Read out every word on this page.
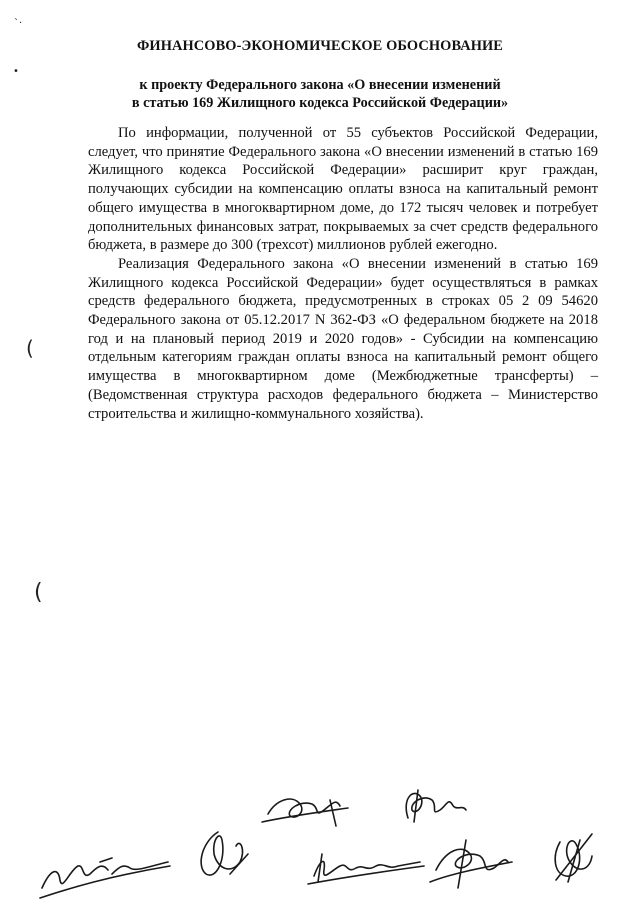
`·
•
(
(
ФИНАНСОВО-ЭКОНОМИЧЕСКОЕ ОБОСНОВАНИЕ
к проекту Федерального закона «О внесении изменений
в статью 169 Жилищного кодекса Российской Федерации»

По информации, полученной от 55 субъектов Российской Федерации, следует, что принятие Федерального закона «О внесении изменений в статью 169 Жилищного кодекса Российской Федерации» расширит круг граждан, получающих субсидии на компенсацию оплаты взноса на капитальный ремонт общего имущества в многоквартирном доме, до 172 тысяч человек и потребует дополнительных финансовых затрат, покрываемых за счет средств федерального бюджета, в размере до 300 (трехсот) миллионов рублей ежегодно.

Реализация Федерального закона «О внесении изменений в статью 169 Жилищного кодекса Российской Федерации» будет осуществляться в рамках средств федерального бюджета, предусмотренных в строках 05 2 09 54620 Федерального закона от 05.12.2017 N 362-ФЗ «О федеральном бюджете на 2018 год и на плановый период 2019 и 2020 годов» - Субсидии на компенсацию отдельным категориям граждан оплаты взноса на капитальный ремонт общего имущества в многоквартирном доме (Межбюджетные трансферты) – (Ведомственная структура расходов федерального бюджета – Министерство строительства и жилищно-коммунального хозяйства).
